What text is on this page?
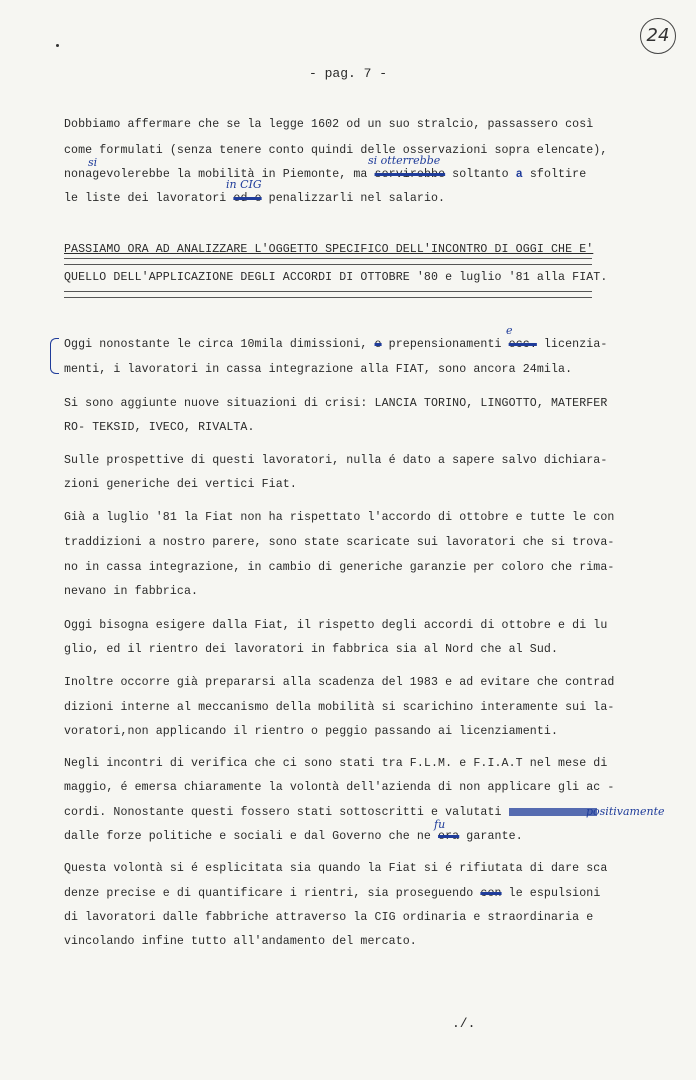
24
- pag. 7 -
Dobbiamo affermare che se la legge 1602 od un suo stralcio, passassero così
come formulati (senza tenere conto quindi delle osservazioni sopra elencate),
si	si otterrebbe
nonagevolerebbe la mobilità in Piemonte, ma servirebbe soltanto a sfoltire
in CIG
le liste dei lavoratori ed e penalizzarli nel salario.
PASSIAMO ORA AD ANALIZZARE L'OGGETTO SPECIFICO DELL'INCONTRO DI OGGI CHE E'
QUELLO DELL'APPLICAZIONE DEGLI ACCORDI DI OTTOBRE '80 e luglio '81 alla FIAT.
e
Oggi nonostante le circa 10mila dimissioni, e prepensionamenti ecc. licenzia-
menti, i lavoratori in cassa integrazione alla FIAT, sono ancora 24mila.
Si sono aggiunte nuove situazioni di crisi: LANCIA TORINO, LINGOTTO, MATERFER
RO- TEKSID, IVECO, RIVALTA.
Sulle prospettive di questi lavoratori, nulla é dato a sapere salvo dichiara-
zioni generiche dei vertici Fiat.
Già a luglio '81 la Fiat non ha rispettato l'accordo di ottobre e tutte le con
traddizioni a nostro parere, sono state scaricate sui lavoratori che si trova-
no in cassa integrazione, in cambio di generiche garanzie per coloro che rima-
nevano in fabbrica.
Oggi bisogna esigere dalla Fiat, il rispetto degli accordi di ottobre e di lu
glio, ed il rientro dei lavoratori in fabbrica sia al Nord che al Sud.
Inoltre occorre già prepararsi alla scadenza del 1983 e ad evitare che contrad
dizioni interne al meccanismo della mobilità si scarichino interamente sui la-
voratori,non applicando il rientro o peggio passando ai licenziamenti.
Negli incontri di verifica che ci sono stati tra F.L.M. e F.I.A.T nel mese di
maggio, é emersa chiaramente la volontà dell'azienda di non applicare gli ac -
cordi. Nonostante questi fossero stati sottoscritti e valutati	positivamente
fu
dalle forze politiche e sociali e dal Governo che ne era garante.
Questa volontà si é esplicitata sia quando la Fiat si é rifiutata di dare sca
denze precise e di quantificare i rientri, sia proseguendo con le espulsioni
di lavoratori dalle fabbriche attraverso la CIG ordinaria e straordinaria e
vincolando infine tutto all'andamento del mercato.
./.
